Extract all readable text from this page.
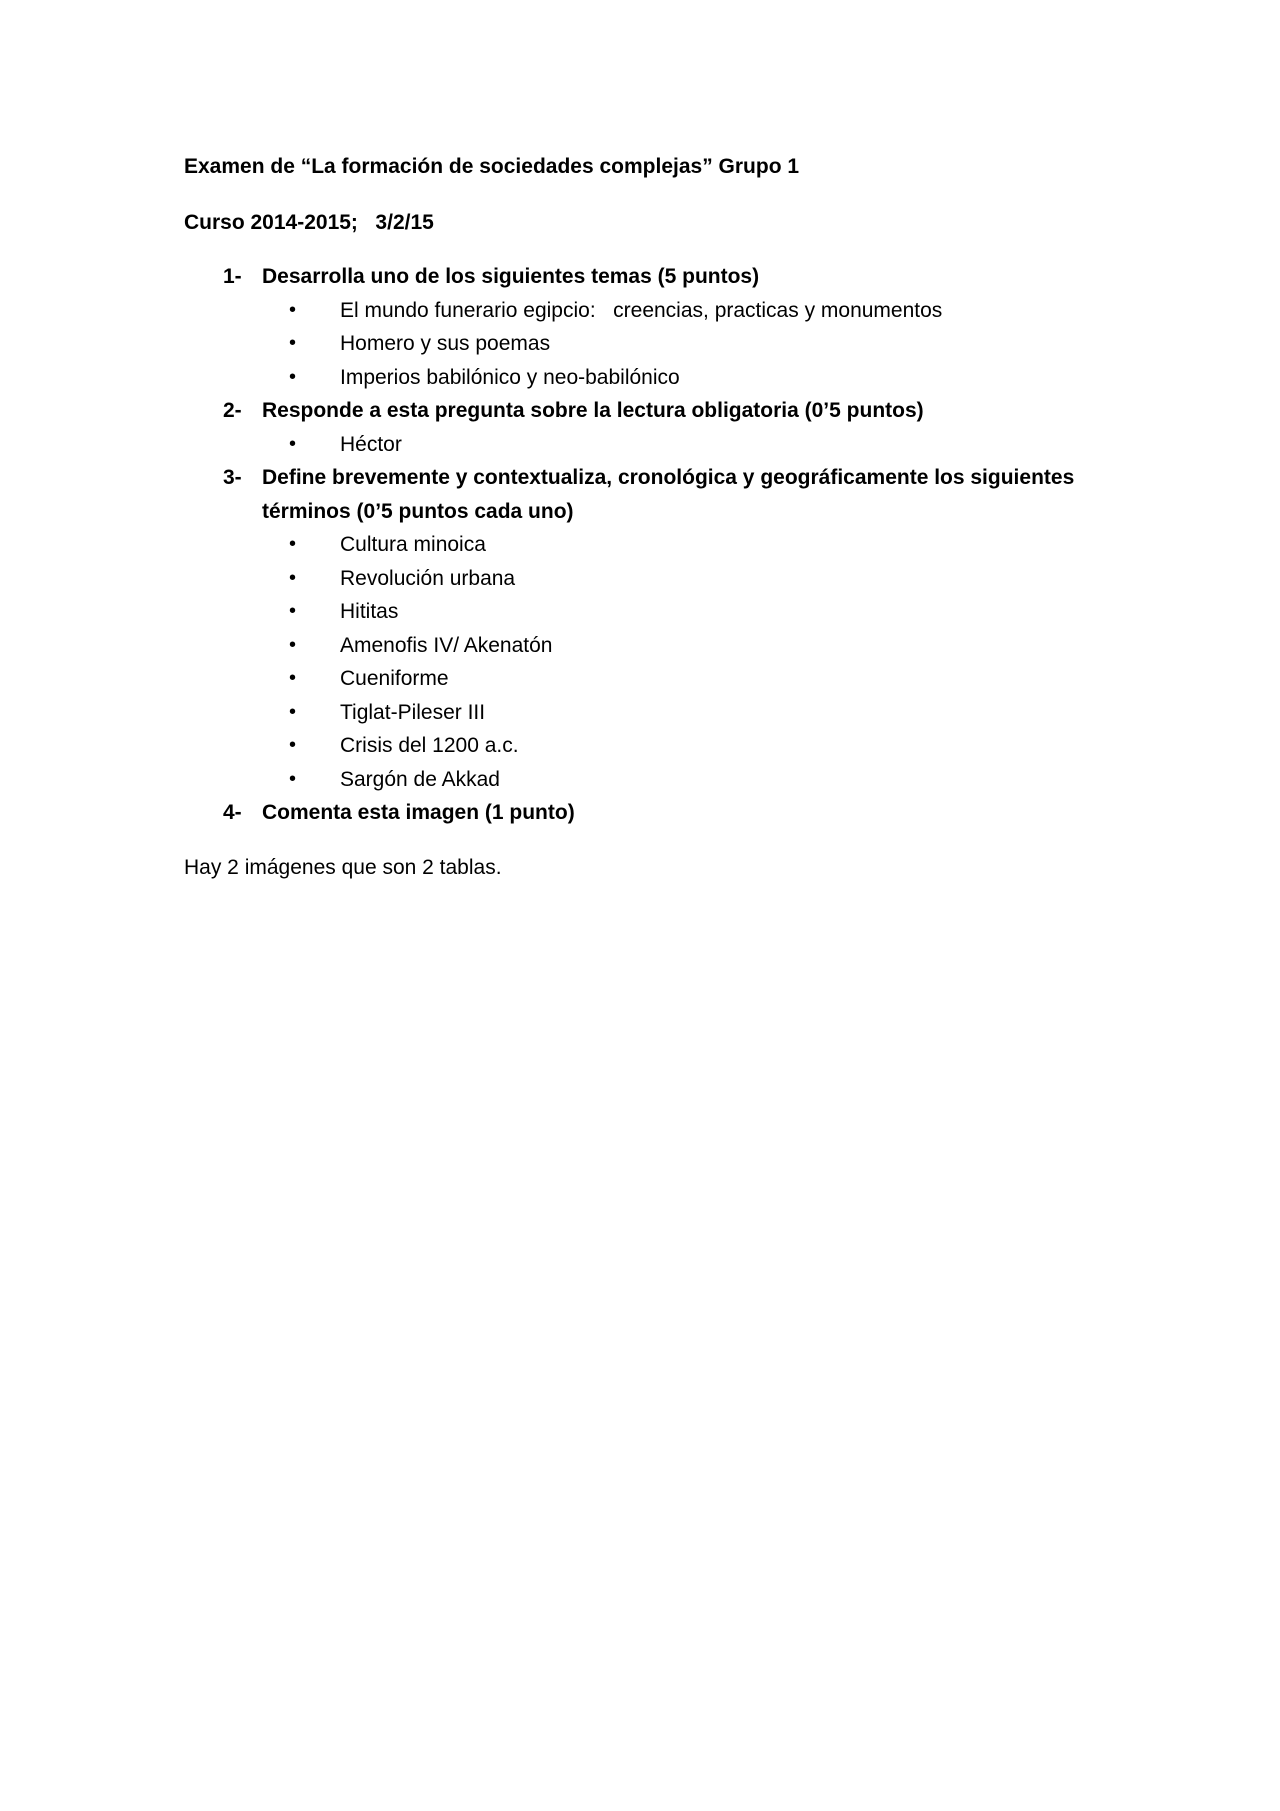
Examen de “La formación de sociedades complejas” Grupo 1

Curso 2014-2015;   3/2/15

1- Desarrolla uno de los siguientes temas (5 puntos)
• El mundo funerario egipcio:   creencias, practicas y monumentos
• Homero y sus poemas
• Imperios babilónico y neo-babilónico
2- Responde a esta pregunta sobre la lectura obligatoria (0’5 puntos)
• Héctor
3- Define brevemente y contextualiza, cronológica y geográficamente los siguientes términos (0’5 puntos cada uno)
• Cultura minoica
• Revolución urbana
• Hititas
• Amenofis IV/ Akenatón
• Cueniforme
• Tiglat-Pileser III
• Crisis del 1200 a.c.
• Sargón de Akkad
4- Comenta esta imagen (1 punto)

Hay 2 imágenes que son 2 tablas.
